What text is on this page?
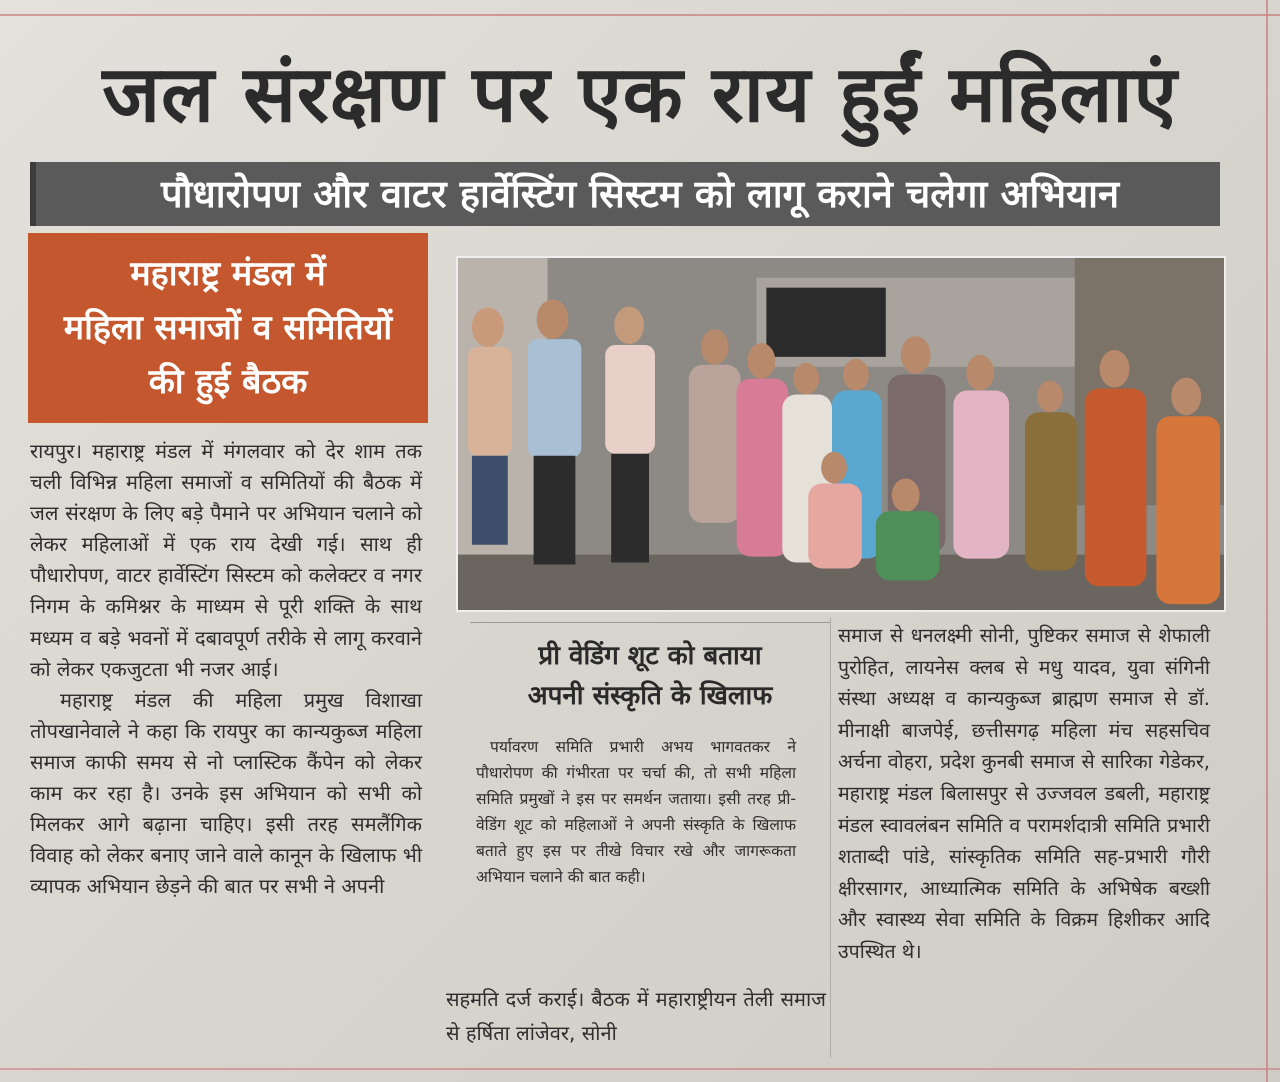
जल संरक्षण पर एक राय हुईं महिलाएं
पौधारोपण और वाटर हार्वेस्टिंग सिस्टम को लागू कराने चलेगा अभियान
महाराष्ट्र मंडल में
महिला समाजों व समितियों
की हुई बैठक

रायपुर। महाराष्ट्र मंडल में मंगलवार को देर शाम तक चली विभिन्न महिला समाजों व समितियों की बैठक में जल संरक्षण के लिए बड़े पैमाने पर अभियान चलाने को लेकर महिलाओं में एक राय देखी गई। साथ ही पौधारोपण, वाटर हार्वेस्टिंग सिस्टम को कलेक्टर व नगर निगम के कमिश्नर के माध्यम से पूरी शक्ति के साथ मध्यम व बड़े भवनों में दबावपूर्ण तरीके से लागू करवाने को लेकर एकजुटता भी नजर आई।

महाराष्ट्र मंडल की महिला प्रमुख विशाखा तोपखानेवाले ने कहा कि रायपुर का कान्यकुब्ज महिला समाज काफी समय से नो प्लास्टिक कैंपेन को लेकर काम कर रहा है। उनके इस अभियान को सभी को मिलकर आगे बढ़ाना चाहिए। इसी तरह समलैंगिक विवाह को लेकर बनाए जाने वाले कानून के खिलाफ भी व्यापक अभियान छेड़ने की बात पर सभी ने अपनी

प्री वेडिंग शूट को बताया
अपनी संस्कृति के खिलाफ

पर्यावरण समिति प्रभारी अभय भागवतकर ने पौधारोपण की गंभीरता पर चर्चा की, तो सभी महिला समिति प्रमुखों ने इस पर समर्थन जताया। इसी तरह प्री-वेडिंग शूट को महिलाओं ने अपनी संस्कृति के खिलाफ बताते हुए इस पर तीखे विचार रखे और जागरूकता अभियान चलाने की बात कही।

सहमति दर्ज कराई। बैठक में महाराष्ट्रीयन तेली समाज से हर्षिता लांजेवर, सोनी

समाज से धनलक्ष्मी सोनी, पुष्टिकर समाज से शेफाली पुरोहित, लायनेस क्लब से मधु यादव, युवा संगिनी संस्था अध्यक्ष व कान्यकुब्ज ब्राह्मण समाज से डॉ. मीनाक्षी बाजपेई, छत्तीसगढ़ महिला मंच सहसचिव अर्चना वोहरा, प्रदेश कुनबी समाज से सारिका गेडेकर, महाराष्ट्र मंडल बिलासपुर से उज्जवल डबली, महाराष्ट्र मंडल स्वावलंबन समिति व परामर्शदात्री समिति प्रभारी शताब्दी पांडे, सांस्कृतिक समिति सह-प्रभारी गौरी क्षीरसागर, आध्यात्मिक समिति के अभिषेक बख्शी और स्वास्थ्य सेवा समिति के विक्रम हिशीकर आदि उपस्थित थे।
